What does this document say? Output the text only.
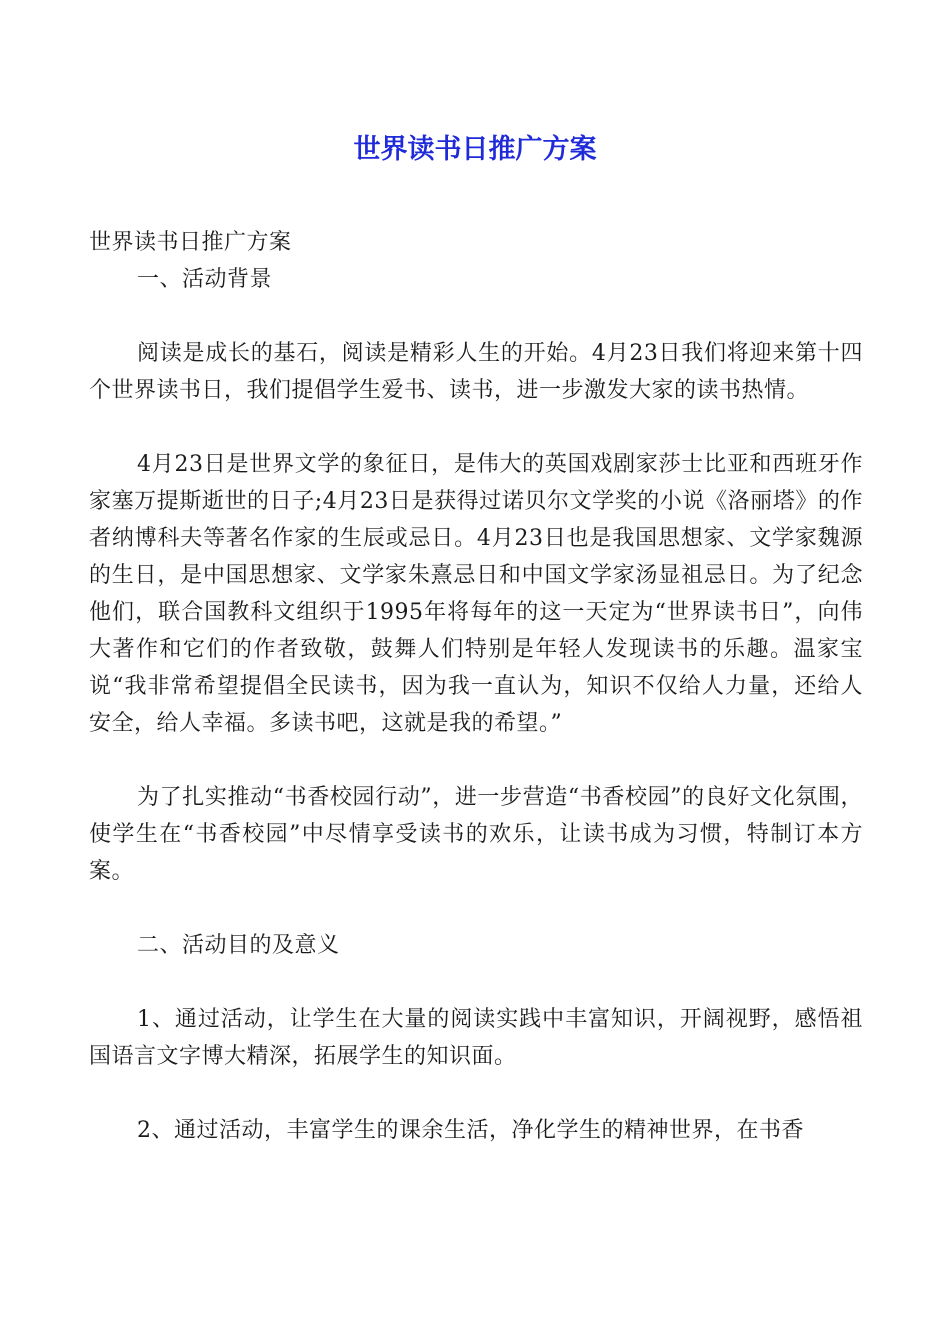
世界读书日推广方案

世界读书日推广方案

一、活动背景

阅读是成长的基石，阅读是精彩人生的开始。4月23日我们将迎来第十四个世界读书日，我们提倡学生爱书、读书，进一步激发大家的读书热情。

4月23日是世界文学的象征日，是伟大的英国戏剧家莎士比亚和西班牙作家塞万提斯逝世的日子;4月23日是获得过诺贝尔文学奖的小说《洛丽塔》的作者纳博科夫等著名作家的生辰或忌日。4月23日也是我国思想家、文学家魏源的生日，是中国思想家、文学家朱熹忌日和中国文学家汤显祖忌日。为了纪念他们，联合国教科文组织于1995年将每年的这一天定为“世界读书日”，向伟大著作和它们的作者致敬，鼓舞人们特别是年轻人发现读书的乐趣。温家宝说“我非常希望提倡全民读书，因为我一直认为，知识不仅给人力量，还给人安全，给人幸福。多读书吧，这就是我的希望。”

为了扎实推动“书香校园行动”，进一步营造“书香校园”的良好文化氛围，使学生在“书香校园”中尽情享受读书的欢乐，让读书成为习惯，特制订本方案。

二、活动目的及意义

1、通过活动，让学生在大量的阅读实践中丰富知识，开阔视野，感悟祖国语言文字博大精深，拓展学生的知识面。

2、通过活动，丰富学生的课余生活，净化学生的精神世界，在书香
